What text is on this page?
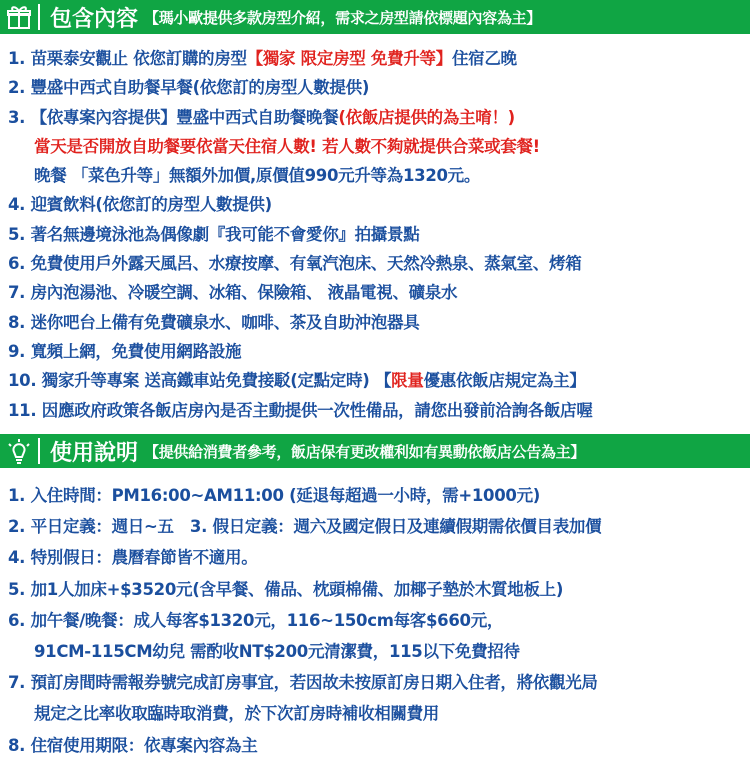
包含內容 【瑪小歐提供多款房型介紹，需求之房型請依標題內容為主】
1. 苗栗泰安觀止 依您訂購的房型【獨家 限定房型 免費升等】住宿乙晚
2. 豐盛中西式自助餐早餐(依您訂的房型人數提供)
3. 【依專案內容提供】豐盛中西式自助餐晚餐(依飯店提供的為主唷！)
當天是否開放自助餐要依當天住宿人數! 若人數不夠就提供合菜或套餐!
晚餐 「菜色升等」無額外加價,原價值990元升等為1320元。
4. 迎賓飲料(依您訂的房型人數提供)
5. 著名無邊境泳池為偶像劇『我可能不會愛你』拍攝景點
6. 免費使用戶外露天風呂、水療按摩、有氧汽泡床、天然冷熱泉、蒸氣室、烤箱
7. 房內泡湯池、冷暖空調、冰箱、保險箱、 液晶電視、礦泉水
8. 迷你吧台上備有免費礦泉水、咖啡、茶及自助沖泡器具
9. 寬頻上網，免費使用網路設施
10. 獨家升等專案 送高鐵車站免費接駁(定點定時) 【限量優惠依飯店規定為主】
11. 因應政府政策各飯店房內是否主動提供一次性備品，請您出發前洽詢各飯店喔
使用說明 【提供給消費者參考，飯店保有更改權利如有異動依飯店公告為主】
1. 入住時間：PM16:00~AM11:00 (延退每超過一小時，需+1000元)
2. 平日定義：週日~五　3. 假日定義：週六及國定假日及連續假期需依價目表加價
4. 特別假日：農曆春節皆不適用。
5. 加1人加床+$3520元(含早餐、備品、枕頭棉備、加椰子墊於木質地板上)
6. 加午餐/晚餐：成人每客$1320元，116~150cm每客$660元，
91CM-115CM幼兒 需酌收NT$200元清潔費，115以下免費招待
7. 預訂房間時需報券號完成訂房事宜，若因故未按原訂房日期入住者，將依觀光局
規定之比率收取臨時取消費，於下次訂房時補收相關費用
8. 住宿使用期限：依專案內容為主
